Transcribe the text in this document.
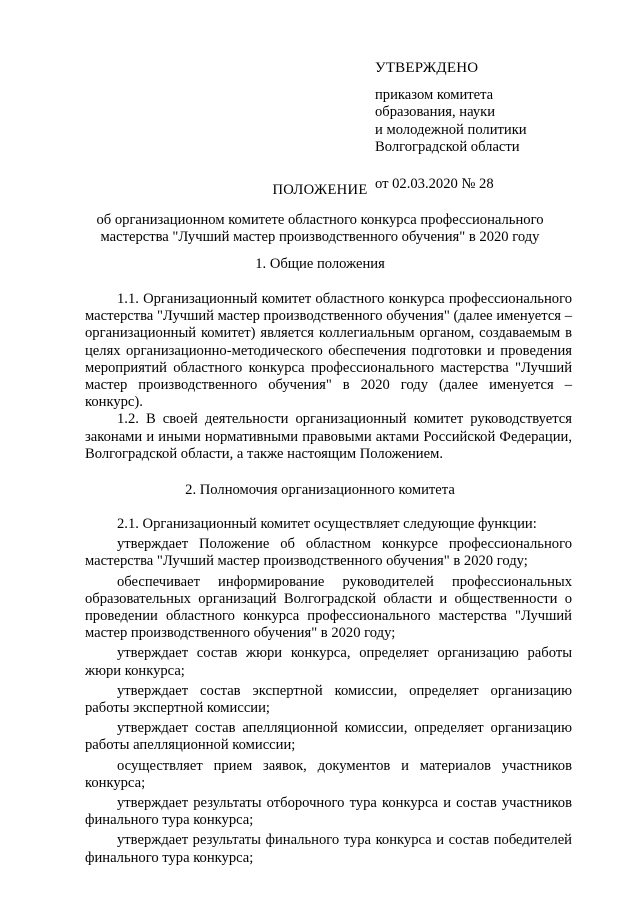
УТВЕРЖДЕНО
приказом комитета
образования, науки
и молодежной политики
Волгоградской области
от 02.03.2020 № 28
ПОЛОЖЕНИЕ
об организационном комитете областного конкурса профессионального
мастерства "Лучший мастер производственного обучения" в 2020 году
1. Общие положения

1.1. Организационный комитет областного конкурса профессионального мастерства "Лучший мастер производственного обучения" (далее именуется – организационный комитет) является коллегиальным органом, создаваемым в целях организационно-методического обеспечения подготовки и проведения мероприятий областного конкурса профессионального мастерства "Лучший мастер производственного обучения" в 2020 году (далее именуется – конкурс).

1.2. В своей деятельности организационный комитет руководствуется законами и иными нормативными правовыми актами Российской Федерации, Волгоградской области, а также настоящим Положением.

2. Полномочия организационного комитета

2.1. Организационный комитет осуществляет следующие функции:

утверждает Положение об областном конкурсе профессионального мастерства "Лучший мастер производственного обучения" в 2020 году;

обеспечивает информирование руководителей профессиональных образовательных организаций Волгоградской области и общественности о проведении областного конкурса профессионального мастерства "Лучший мастер производственного обучения" в 2020 году;

утверждает состав жюри конкурса, определяет организацию работы жюри конкурса;

утверждает состав экспертной комиссии, определяет организацию работы экспертной комиссии;

утверждает состав апелляционной комиссии, определяет организацию работы апелляционной комиссии;

осуществляет прием заявок, документов и материалов участников конкурса;

утверждает результаты отборочного тура конкурса и состав участников финального тура конкурса;

утверждает результаты финального тура конкурса и состав победителей финального тура конкурса;
